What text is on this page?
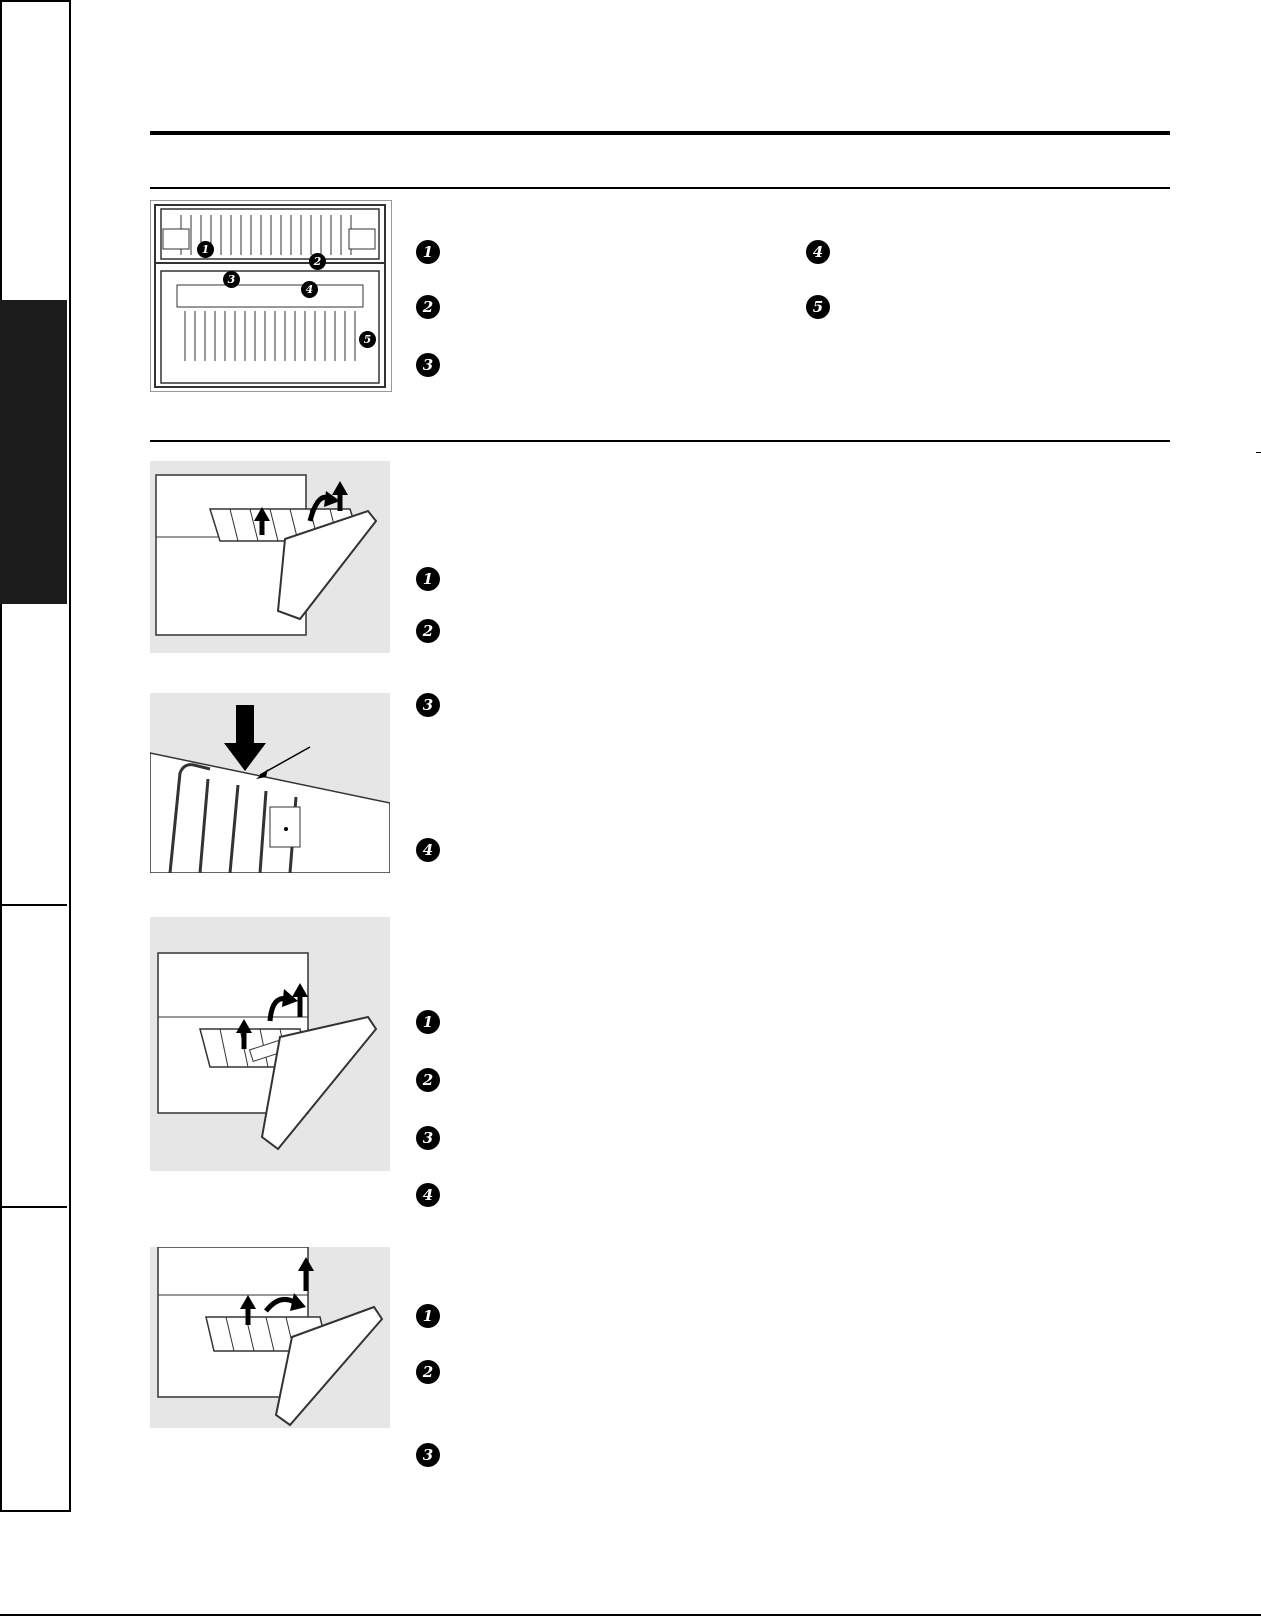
1
2
3
4
5
1
2
3
4
5
1
2
3
4
1
2
3
4
1
2
3
